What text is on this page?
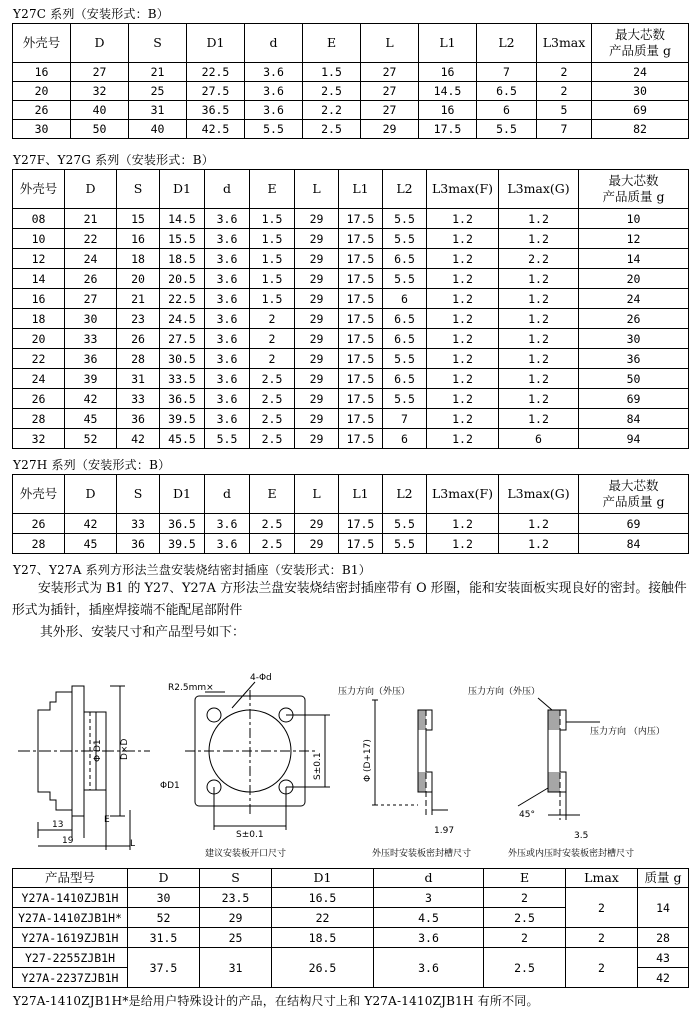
Y27C 系列（安装形式：B）
外壳号	D	S	D1	d	E	L	L1	L2	L3max	最大芯数
产品质量 g
16	27	21	22.5	3.6	1.5	27	16	7	2	24
20	32	25	27.5	3.6	2.5	27	14.5	6.5	2	30
26	40	31	36.5	3.6	2.2	27	16	6	5	69
30	50	40	42.5	5.5	2.5	29	17.5	5.5	7	82
Y27F、Y27G 系列（安装形式：B）
外壳号	D	S	D1	d	E	L	L1	L2	L3max(F)	L3max(G)	最大芯数
产品质量 g
08	21	15	14.5	3.6	1.5	29	17.5	5.5	1.2	1.2	10
10	22	16	15.5	3.6	1.5	29	17.5	5.5	1.2	1.2	12
12	24	18	18.5	3.6	1.5	29	17.5	6.5	1.2	2.2	14
14	26	20	20.5	3.6	1.5	29	17.5	5.5	1.2	1.2	20
16	27	21	22.5	3.6	1.5	29	17.5	6	1.2	1.2	24
18	30	23	24.5	3.6	2	29	17.5	6.5	1.2	1.2	26
20	33	26	27.5	3.6	2	29	17.5	6.5	1.2	1.2	30
22	36	28	30.5	3.6	2	29	17.5	5.5	1.2	1.2	36
24	39	31	33.5	3.6	2.5	29	17.5	6.5	1.2	1.2	50
26	42	33	36.5	3.6	2.5	29	17.5	5.5	1.2	1.2	69
28	45	36	39.5	3.6	2.5	29	17.5	7	1.2	1.2	84
32	52	42	45.5	5.5	2.5	29	17.5	6	1.2	6	94
Y27H 系列（安装形式：B）
外壳号	D	S	D1	d	E	L	L1	L2	L3max(F)	L3max(G)	最大芯数
产品质量 g
26	42	33	36.5	3.6	2.5	29	17.5	5.5	1.2	1.2	69
28	45	36	39.5	3.6	2.5	29	17.5	5.5	1.2	1.2	84
Y27、Y27A 系列方形法兰盘安装烧结密封插座（安装形式：B1）
安装形式为 B1 的 Y27、Y27A 方形法兰盘安装烧结密封插座带有 O 形圈，能和安装面板实现良好的密封。接触件形式为插针，插座焊接端不能配尾部附件
其外形、安装尺寸和产品型号如下：
Φ D1 D×D
13
19
E
L
R2.5mm×
4-Φd
ΦD1
S±0.1
S±0.1
建议安装板开口尺寸
压力方向（外压）
Φ (D+17)
1.97
外压时安装板密封槽尺寸
压力方向（外压）
压力方向 （内压）
45°
3.5
外压或内压时安装板密封槽尺寸
产品型号	D	S	D1	d	E	Lmax	质量 g
Y27A-1410ZJB1H	30	23.5	16.5	3	2	2	14
Y27A-1410ZJB1H*	52	29	22	4.5	2.5		
Y27A-1619ZJB1H	31.5	25	18.5	3.6	2	2	28
Y27-2255ZJB1H	37.5	31	26.5	3.6	2.5	2	43
Y27A-2237ZJB1H							42
Y27A-1410ZJB1H*是给用户特殊设计的产品，在结构尺寸上和 Y27A-1410ZJB1H 有所不同。
